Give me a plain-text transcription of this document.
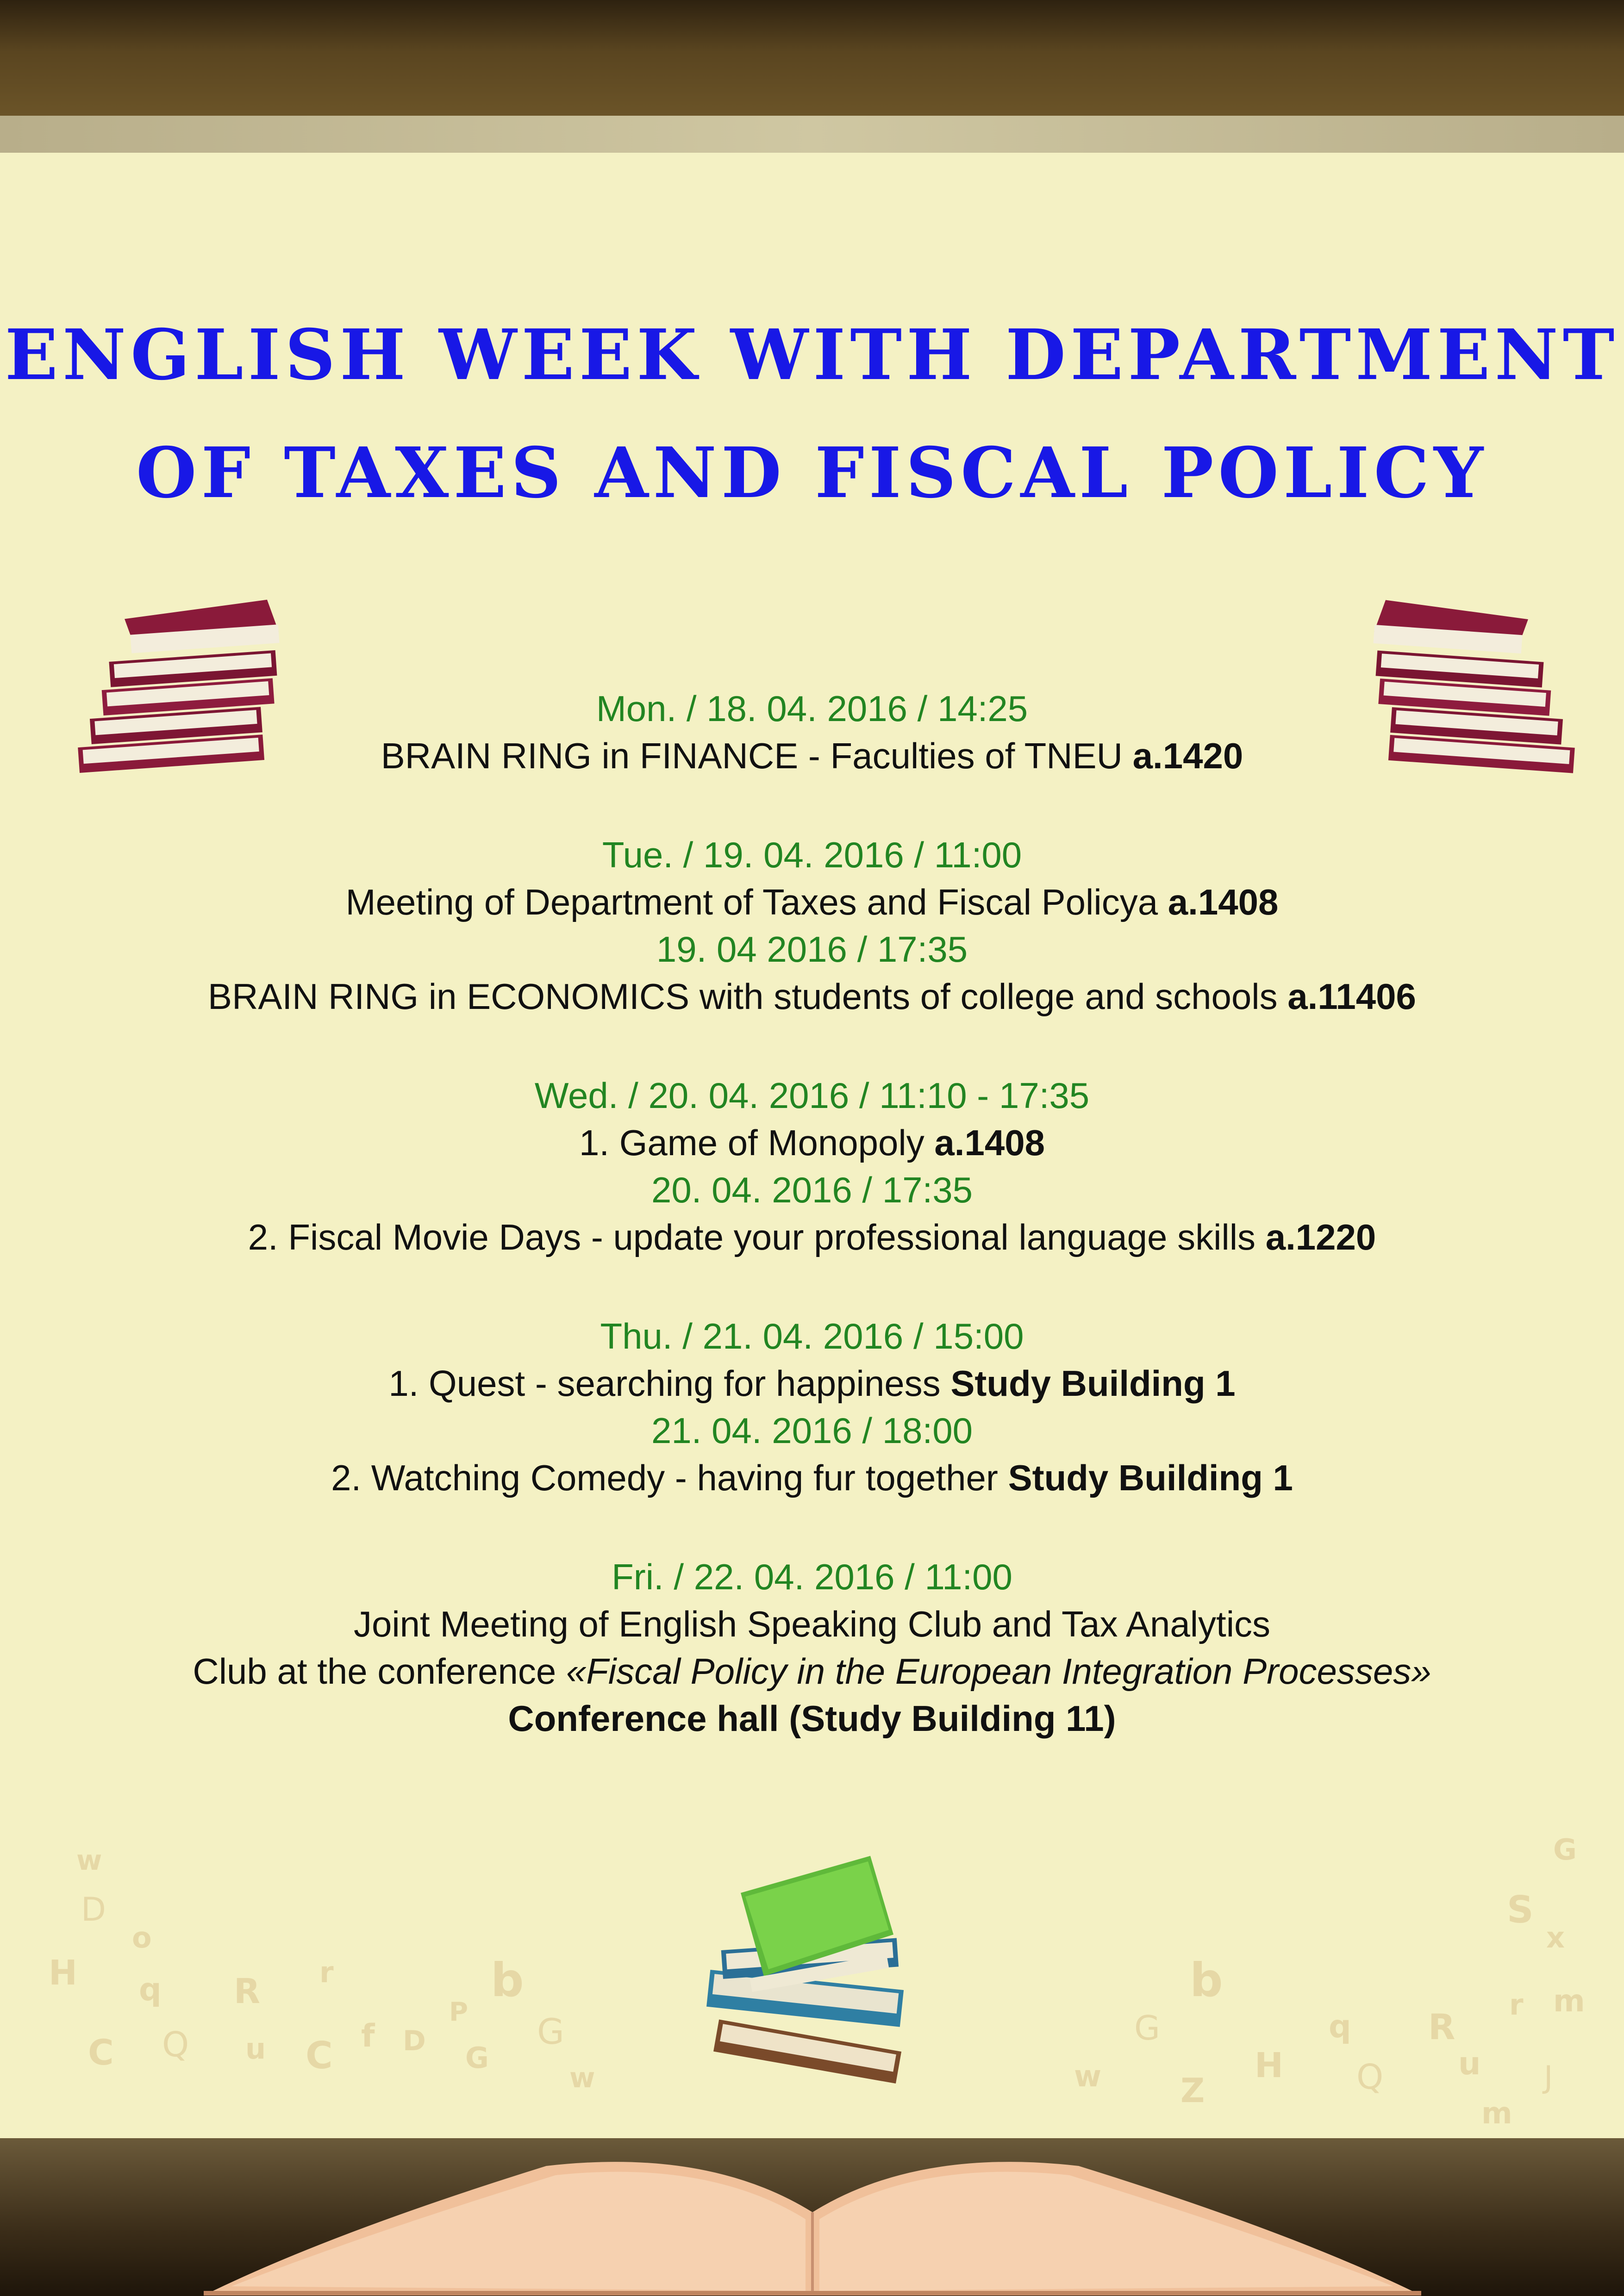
ENGLISH WEEK WITH DEPARTMENT
OF TAXES AND FISCAL POLICY
Mon. / 18. 04. 2016 / 14:25
BRAIN RING in FINANCE - Faculties of TNEU a.1420
Tue. / 19. 04. 2016 / 11:00
Meeting of Department of Taxes and Fiscal Policya a.1408
19. 04 2016 / 17:35
BRAIN RING in ECONOMICS with students of college and schools a.11406
Wed. / 20. 04. 2016 / 11:10 - 17:35
1. Game of Monopoly a.1408
20. 04. 2016 / 17:35
2. Fiscal Movie Days - update your professional language skills a.1220
Thu. / 21. 04. 2016 / 15:00
1. Quest - searching for happiness Study Building 1
21. 04. 2016 / 18:00
2. Watching Comedy - having fur together Study Building 1
Fri. / 22. 04. 2016 / 11:00
Joint Meeting of English Speaking Club and Tax Analytics
Club at the conference «Fiscal Policy in the European Integration Processes»
Conference hall (Study Building 11)
w
D
o
H q R r	b
C Q u C f D
P
G
G
w
G
S
x
b	m
G	q R
r
w	H Q u
Z	J
m
